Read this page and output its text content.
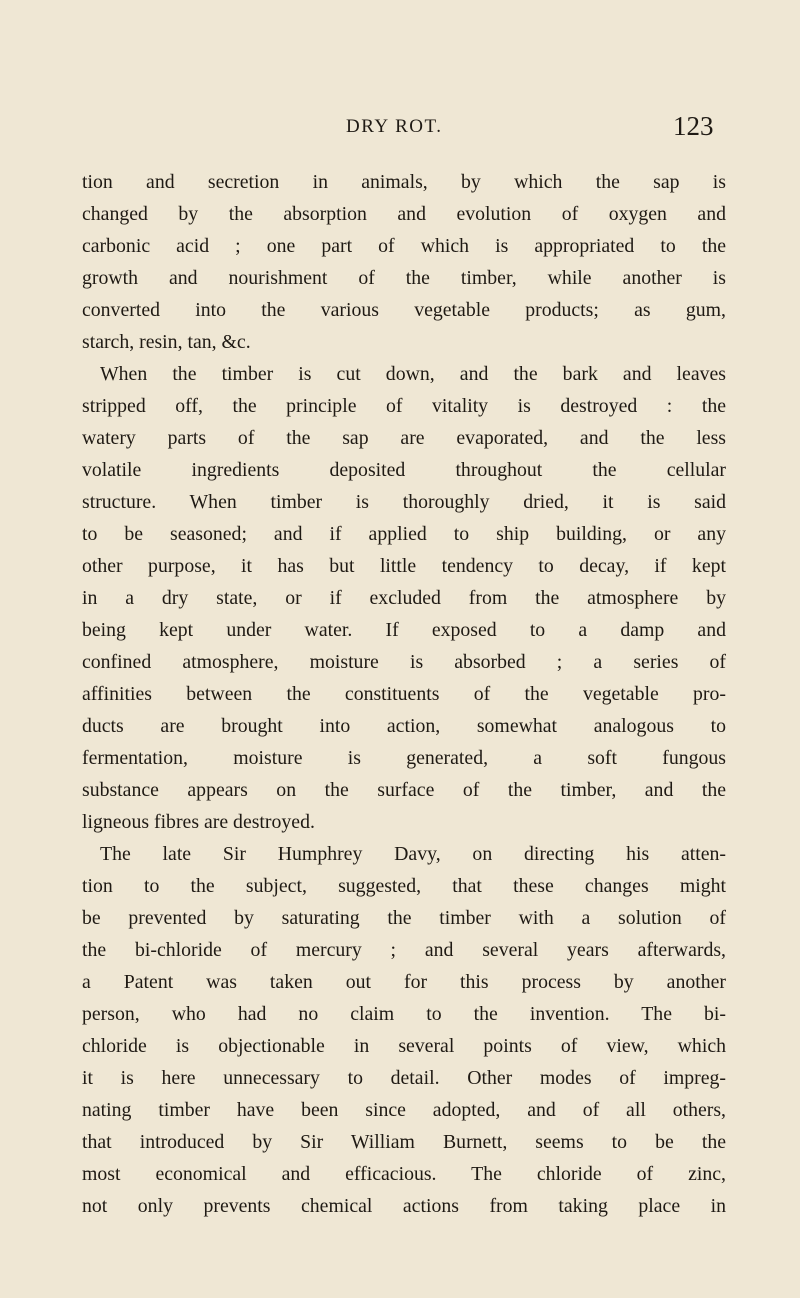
DRY ROT.	123
tion and secretion in animals, by which the sap is
changed by the absorption and evolution of oxygen and
carbonic acid ; one part of which is appropriated to the
growth and nourishment of the timber, while another is
converted into the various vegetable products; as gum,
starch, resin, tan, &c.
When the timber is cut down, and the bark and leaves
stripped off, the principle of vitality is destroyed : the
watery parts of the sap are evaporated, and the less
volatile ingredients deposited throughout the cellular
structure. When timber is thoroughly dried, it is said
to be seasoned; and if applied to ship building, or any
other purpose, it has but little tendency to decay, if kept
in a dry state, or if excluded from the atmosphere by
being kept under water. If exposed to a damp and
confined atmosphere, moisture is absorbed ; a series of
affinities between the constituents of the vegetable pro-
ducts are brought into action, somewhat analogous to
fermentation, moisture is generated, a soft fungous
substance appears on the surface of the timber, and the
ligneous fibres are destroyed.
The late Sir Humphrey Davy, on directing his atten-
tion to the subject, suggested, that these changes might
be prevented by saturating the timber with a solution of
the bi-chloride of mercury ; and several years afterwards,
a Patent was taken out for this process by another
person, who had no claim to the invention. The bi-
chloride is objectionable in several points of view, which
it is here unnecessary to detail. Other modes of impreg-
nating timber have been since adopted, and of all others,
that introduced by Sir William Burnett, seems to be the
most economical and efficacious. The chloride of zinc,
not only prevents chemical actions from taking place in
